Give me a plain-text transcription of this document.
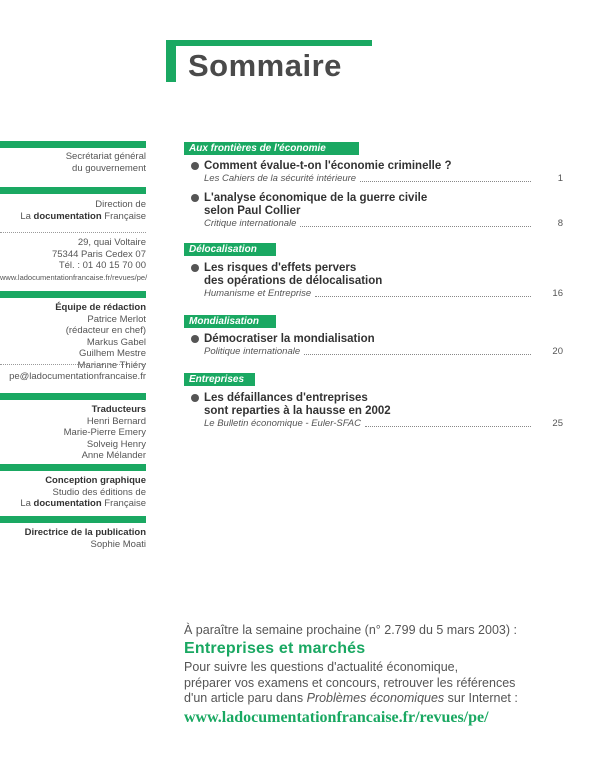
Sommaire
Secrétariat général
du gouvernement
Direction de
La documentation Française
29, quai Voltaire
75344 Paris Cedex 07
Tél. : 01 40 15 70 00
www.ladocumentationfrancaise.fr/revues/pe/
Équipe de rédaction
Patrice Merlot
(rédacteur en chef)
Markus Gabel
Guilhem Mestre
Marianne Thiéry
pe@ladocumentationfrancaise.fr
Traducteurs
Henri Bernard
Marie-Pierre Emery
Solveig Henry
Anne Mélander
Conception graphique
Studio des éditions de
La documentation Française
Directrice de la publication
Sophie Moati
Aux frontières de l'économie
Comment évalue-t-on l'économie criminelle ?
Les Cahiers de la sécurité intérieure	1
L'analyse économique de la guerre civile
selon Paul Collier
Critique internationale	8
Délocalisation
Les risques d'effets pervers
des opérations de délocalisation
Humanisme et Entreprise	16
Mondialisation
Démocratiser la mondialisation
Politique internationale	20
Entreprises
Les défaillances d'entreprises
sont reparties à la hausse en 2002
Le Bulletin économique - Euler-SFAC	25
À paraître la semaine prochaine (n° 2.799 du 5 mars 2003) :
Entreprises et marchés
Pour suivre les questions d'actualité économique,
préparer vos examens et concours, retrouver les références
d'un article paru dans Problèmes économiques sur Internet :
www.ladocumentationfrancaise.fr/revues/pe/
